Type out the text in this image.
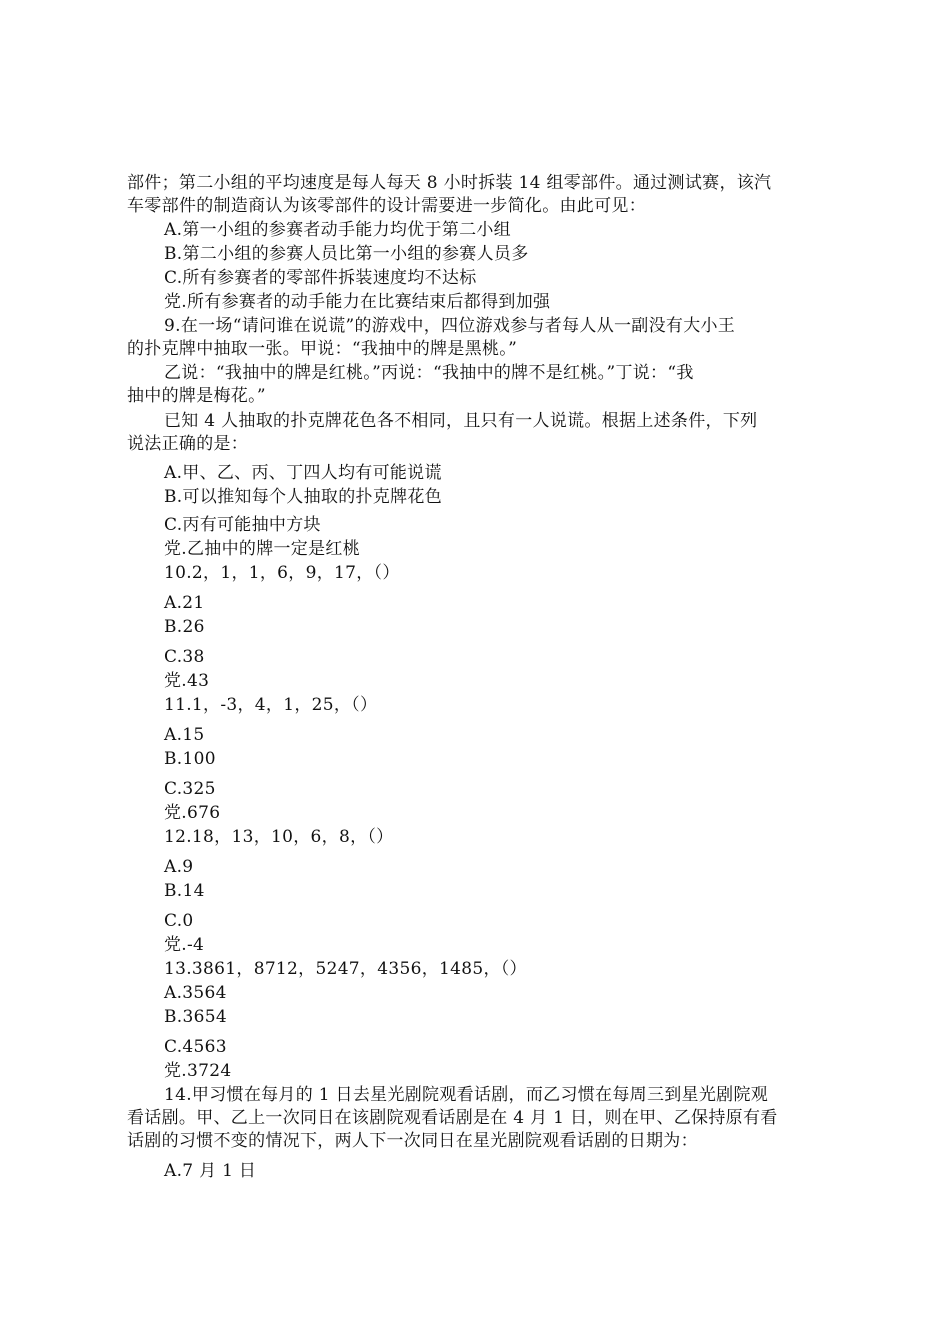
部件；第二小组的平均速度是每人每天 8 小时拆装 14 组零部件。通过测试赛，该汽
车零部件的制造商认为该零部件的设计需要进一步简化。由此可见：
A.第一小组的参赛者动手能力均优于第二小组
B.第二小组的参赛人员比第一小组的参赛人员多
C.所有参赛者的零部件拆装速度均不达标
党.所有参赛者的动手能力在比赛结束后都得到加强
9.在一场“请问谁在说谎”的游戏中，四位游戏参与者每人从一副没有大小王
的扑克牌中抽取一张。甲说：“我抽中的牌是黑桃。”
乙说：“我抽中的牌是红桃。”丙说：“我抽中的牌不是红桃。”丁说：“我
抽中的牌是梅花。”
已知 4 人抽取的扑克牌花色各不相同，且只有一人说谎。根据上述条件，下列
说法正确的是：
A.甲、乙、丙、丁四人均有可能说谎
B.可以推知每个人抽取的扑克牌花色
C.丙有可能抽中方块
党.乙抽中的牌一定是红桃
10.2，1，1，6，9，17，（）
A.21
B.26
C.38
党.43
11.1，-3，4，1，25，（）
A.15
B.100
C.325
党.676
12.18，13，10，6，8，（）
A.9
B.14
C.0
党.-4
13.3861，8712，5247，4356，1485，（）
A.3564
B.3654
C.4563
党.3724
14.甲习惯在每月的 1 日去星光剧院观看话剧，而乙习惯在每周三到星光剧院观
看话剧。甲、乙上一次同日在该剧院观看话剧是在 4 月 1 日，则在甲、乙保持原有看
话剧的习惯不变的情况下，两人下一次同日在星光剧院观看话剧的日期为：
A.7 月 1 日
